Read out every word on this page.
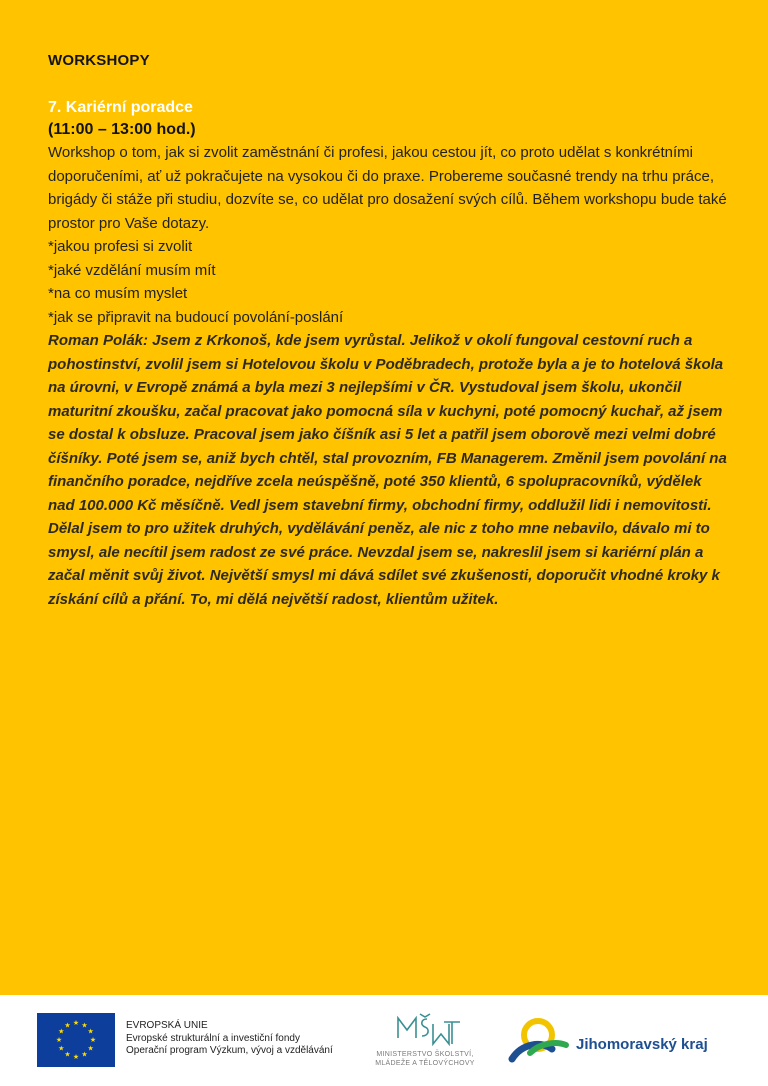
WORKSHOPY

7. Kariérní poradce

(11:00 – 13:00 hod.)

Workshop o tom, jak si zvolit zaměstnání či profesi, jakou cestou jít, co proto udělat s konkrétními doporučeními, ať už pokračujete na vysokou či do praxe. Probereme současné trendy na trhu práce, brigády či stáže při studiu, dozvíte se, co udělat pro dosažení svých cílů. Během workshopu bude také prostor pro Vaše dotazy.

*jakou profesi si zvolit
*jaké vzdělání musím mít
*na co musím myslet
*jak se připravit na budoucí povolání-poslání

Roman Polák: Jsem z Krkonoš, kde jsem vyrůstal. Jelikož v okolí fungoval cestovní ruch a pohostinství, zvolil jsem si Hotelovou školu v Poděbradech, protože byla a je to hotelová škola na úrovni, v Evropě známá a byla mezi 3 nejlepšími v ČR. Vystudoval jsem školu, ukončil maturitní zkoušku, začal pracovat jako pomocná síla v kuchyni, poté pomocný kuchař, až jsem se dostal k obsluze. Pracoval jsem jako číšník asi 5 let a patřil jsem oborově mezi velmi dobré číšníky. Poté jsem se, aniž bych chtěl, stal provozním, FB Managerem. Změnil jsem povolání na finančního poradce, nejdříve zcela neúspěšně, poté 350 klientů, 6 spolupracovníků, výdělek nad 100.000 Kč měsíčně. Vedl jsem stavební firmy, obchodní firmy, oddlužil lidi i nemovitosti. Dělal jsem to pro užitek druhých, vydělávání peněz, ale nic z toho mne nebavilo, dávalo mi to smysl, ale necítil jsem radost ze své práce. Nevzdal jsem se, nakreslil jsem si kariérní plán a začal měnit svůj život. Největší smysl mi dává sdílet své zkušenosti, doporučit vhodné kroky k získání cílů a přání. To, mi dělá největší radost, klientům užitek.

★ ★
★
★
★
★
★
★
★
★
★
★	EVROPSKÁ UNIE
Evropské strukturální a investiční fondy
Operační program Výzkum, vývoj a vzdělávání	MINISTERSTVO ŠKOLSTVÍ,
MLÁDEŽE A TĚLOVÝCHOVY
Jihomoravský kraj
